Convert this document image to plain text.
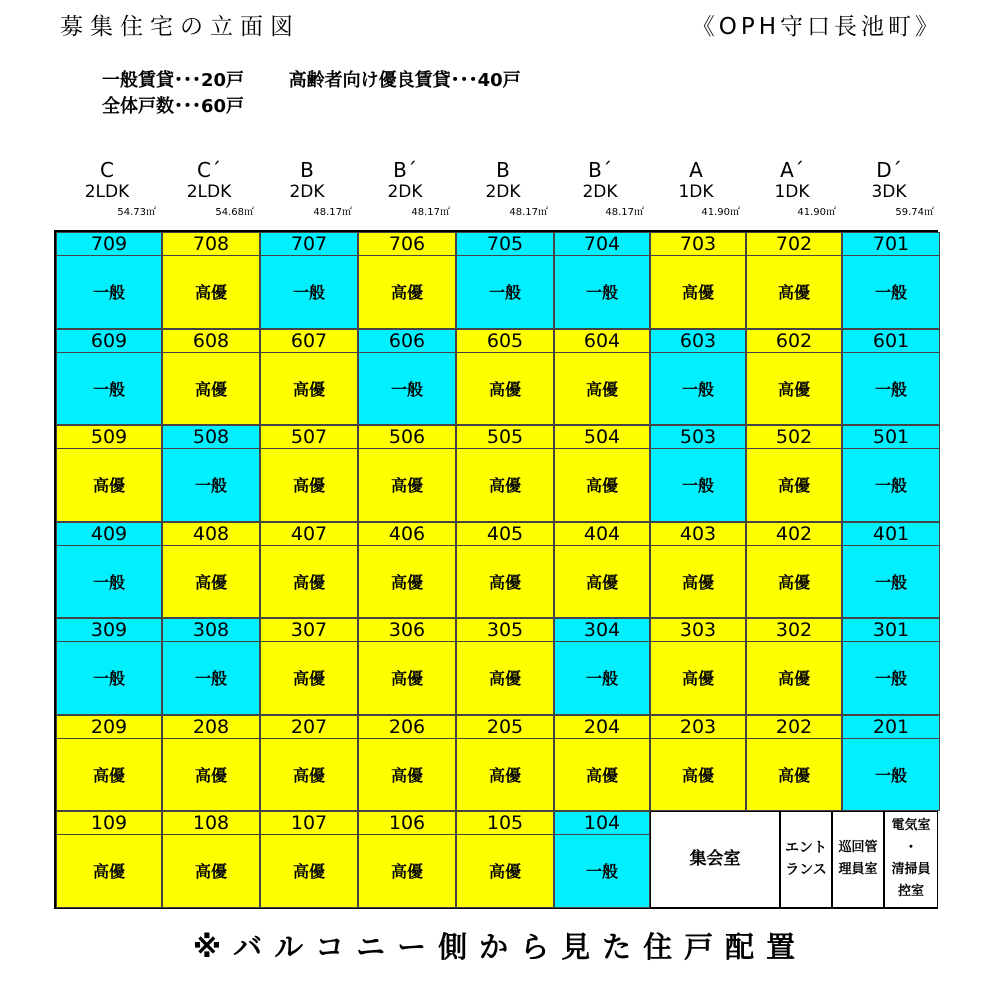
募集住宅の立面図	《OPH守口長池町》
一般賃貸･･･20戸 高齢者向け優良賃貸･･･40戸
全体戸数･･･60戸
C
2LDK
54.73㎡
C´
2LDK
54.68㎡
B
2DK
48.17㎡
B´
2DK
48.17㎡
B
2DK
48.17㎡
B´
2DK
48.17㎡
A
1DK
41.90㎡
A´
1DK
41.90㎡
D´
3DK
59.74㎡
709
一般
708
高優
707
一般
706
高優
705
一般
704
一般
703
高優
702
高優
701
一般
609
一般
608
高優
607
高優
606
一般
605
高優
604
高優
603
一般
602
高優
601
一般
509
高優
508
一般
507
高優
506
高優
505
高優
504
高優
503
一般
502
高優
501
一般
409
一般
408
高優
407
高優
406
高優
405
高優
404
高優
403
高優
402
高優
401
一般
309
一般
308
一般
307
高優
306
高優
305
高優
304
一般
303
高優
302
高優
301
一般
209
高優
208
高優
207
高優
206
高優
205
高優
204
高優
203
高優
202
高優
201
一般
109
高優
108
高優
107
高優
106
高優
105
高優
104
一般
集会室
エント
ランス
巡回管
理員室
電気室
・
清掃員
控室
※バルコニー側から見た住戸配置
